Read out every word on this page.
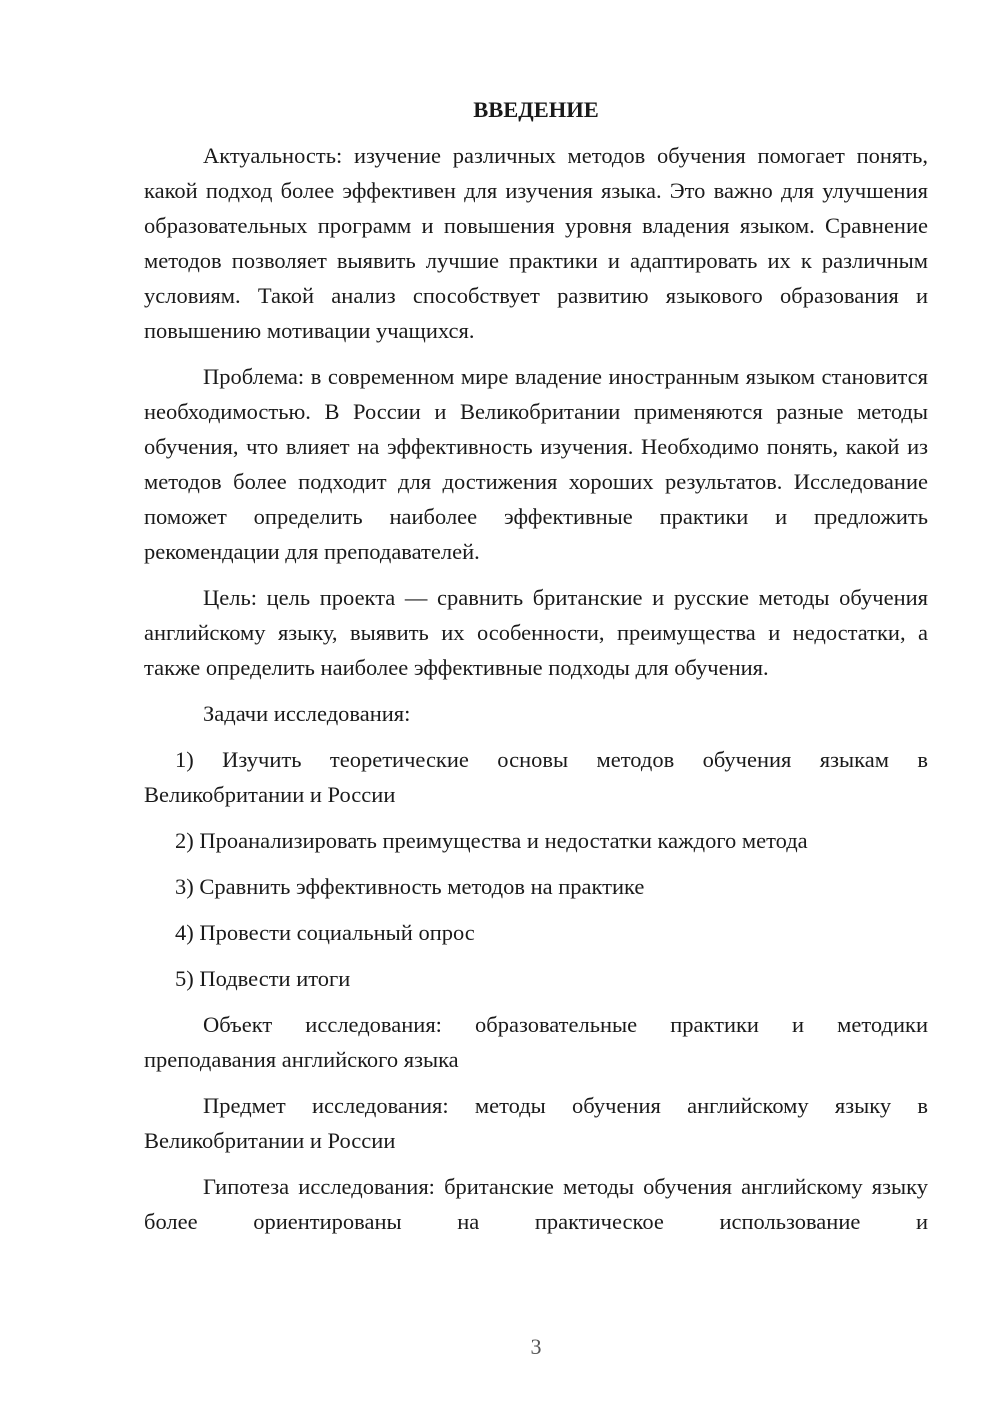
ВВЕДЕНИЕ

Актуальность: изучение различных методов обучения помогает понять, какой подход более эффективен для изучения языка. Это важно для улучшения образовательных программ и повышения уровня владения языком. Сравнение методов позволяет выявить лучшие практики и адаптировать их к различным условиям. Такой анализ способствует развитию языкового образования и повышению мотивации учащихся.

Проблема: в современном мире владение иностранным языком становится необходимостью. В России и Великобритании применяются разные методы обучения, что влияет на эффективность изучения. Необходимо понять, какой из методов более подходит для достижения хороших результатов. Исследование поможет определить наиболее эффективные практики и предложить рекомендации для преподавателей.

Цель: цель проекта — сравнить британские и русские методы обучения английскому языку, выявить их особенности, преимущества и недостатки, а также определить наиболее эффективные подходы для обучения.

Задачи исследования:

1) Изучить теоретические основы методов обучения языкам в Великобритании и России

2) Проанализировать преимущества и недостатки каждого метода

3) Сравнить эффективность методов на практике

4) Провести социальный опрос

5) Подвести итоги

Объект исследования: образовательные практики и методики преподавания английского языка

Предмет исследования: методы обучения английскому языку в Великобритании и России

Гипотеза исследования: британские методы обучения английскому языку более ориентированы на практическое использование и

3
